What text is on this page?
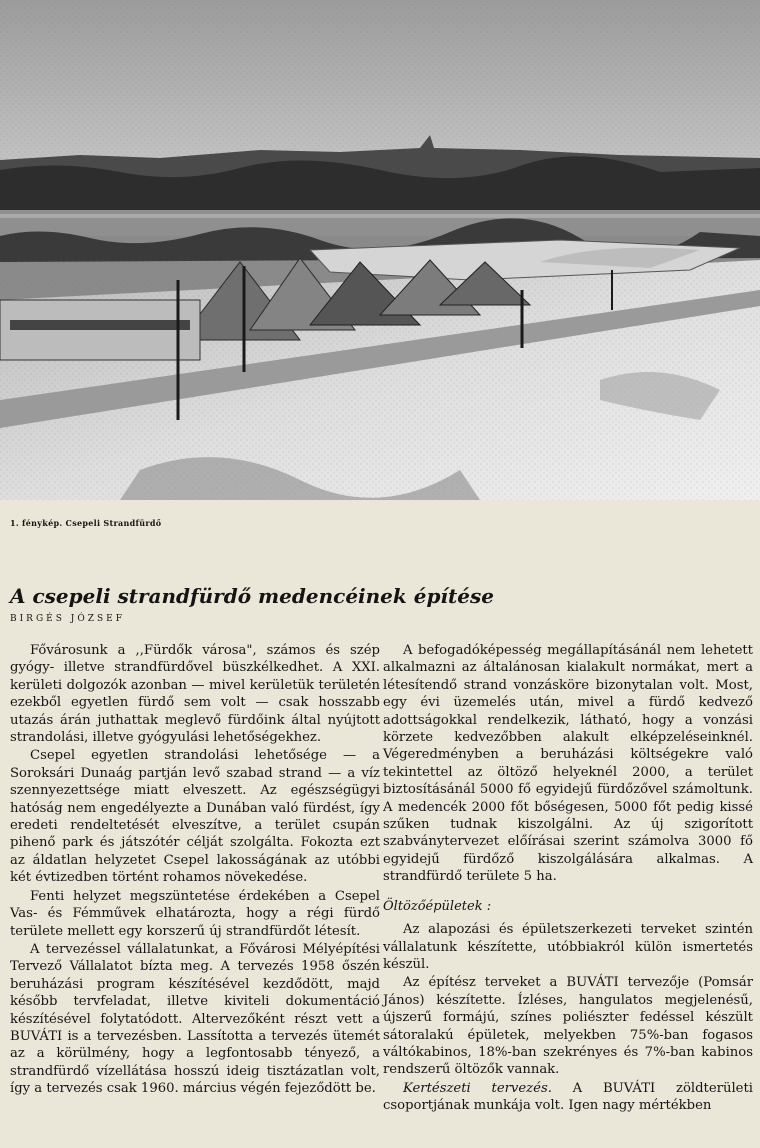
1. fénykép. Csepeli Strandfürdő
A csepeli strandfürdő medencéinek építése
BIRGÉS JÓZSEF

Fővárosunk a ,,Fürdők városa", számos és szép gyógy- illetve strandfürdővel büszkélkedhet. A XXI. kerületi dolgozók azonban — mivel kerületük területén ezekből egyetlen fürdő sem volt — csak hosszabb utazás árán juthattak meglevő fürdőink által nyújtott strandolási, illetve gyógyulási lehetőségekhez.

Csepel egyetlen strandolási lehetősége — a Soroksári Dunaág partján levő szabad strand — a víz szennyezettsége miatt elveszett. Az egészségügyi hatóság nem engedélyezte a Dunában való fürdést, így eredeti rendeltetését elveszítve, a terület csupán pihenő park és játszótér célját szolgálta. Fokozta ezt az áldatlan helyzetet Csepel lakosságának az utóbbi két évtizedben történt rohamos növekedése.

Fenti helyzet megszüntetése érdekében a Csepel Vas- és Fémművek elhatározta, hogy a régi fürdő területe mellett egy korszerű új strandfürdőt létesít.

A tervezéssel vállalatunkat, a Fővárosi Mélyépítési Tervező Vállalatot bízta meg. A tervezés 1958 őszén beruházási program készítésével kezdődött, majd később tervfeladat, illetve kiviteli dokumentáció készítésével folytatódott. Altervezőként részt vett a BUVÁTI is a tervezésben. Lassította a tervezés ütemét az a körülmény, hogy a legfontosabb tényező, a strandfürdő vízellátása hosszú ideig tisztázatlan volt, így a tervezés csak 1960. március végén fejeződött be.

A befogadóképesség megállapításánál nem lehetett alkalmazni az általánosan kialakult normákat, mert a létesítendő strand vonzásköre bizonytalan volt. Most, egy évi üzemelés után, mivel a fürdő kedvező adottságokkal rendelkezik, látható, hogy a vonzási körzete kedvezőbben alakult elképzeléseinknél. Végeredményben a beruházási költségekre való tekintettel az öltöző helyeknél 2000, a terület biztosításánál 5000 fő egyidejű fürdőzővel számoltunk. A medencék 2000 főt bőségesen, 5000 főt pedig kissé szűken tudnak kiszolgálni. Az új szigorított szabványtervezet előírásai szerint számolva 3000 fő egyidejű fürdőző kiszolgálására alkalmas. A strandfürdő területe 5 ha.

Öltözőépületek :

Az alapozási és épületszerkezeti terveket szintén vállalatunk készítette, utóbbiakról külön ismertetés készül.

Az építész terveket a BUVÁTI tervezője (Pomsár János) készítette. Ízléses, hangulatos megjelenésű, újszerű formájú, színes poliészter fedéssel készült sátoralakú épületek, melyekben 75%-ban fogasos váltókabinos, 18%-ban szekrényes és 7%-ban kabinos rendszerű öltözők vannak.

Kertészeti tervezés. A BUVÁTI zöldterületi csoportjának munkája volt. Igen nagy mértékben
